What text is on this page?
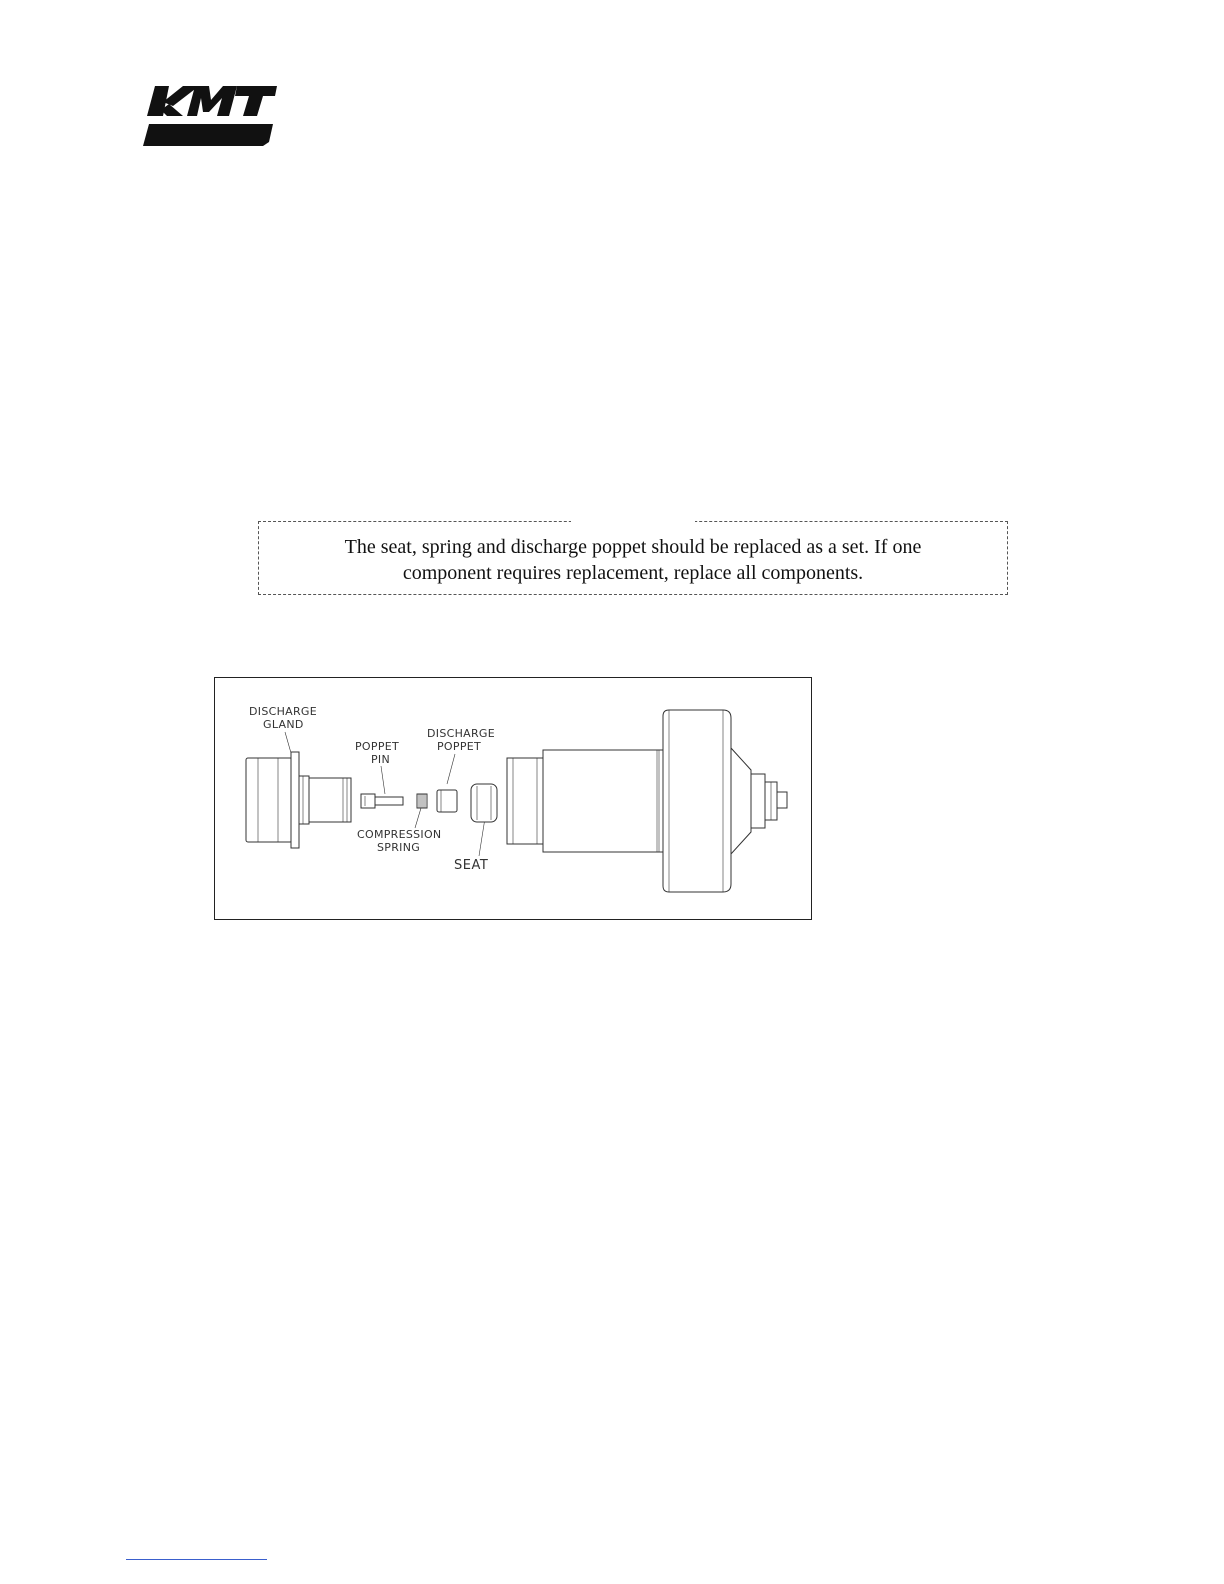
The seat, spring and discharge poppet should be replaced as a set. If one
component requires replacement, replace all components.
DISCHARGE
GLAND
POPPET
PIN
DISCHARGE
POPPET
COMPRESSION
SPRING
SEAT
